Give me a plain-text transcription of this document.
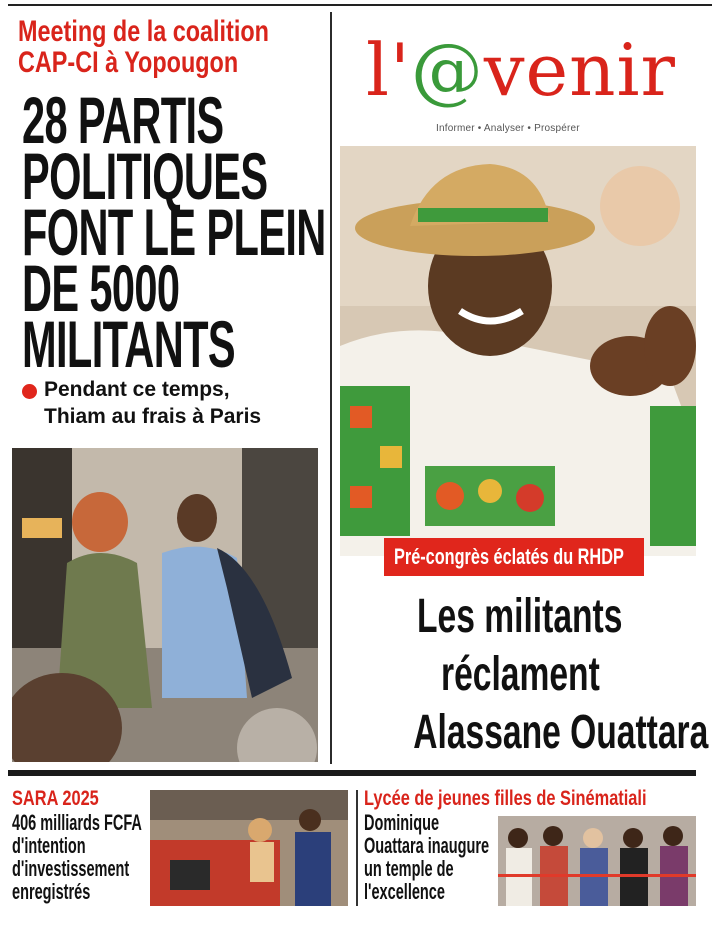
Meeting de la coalition
CAP-CI à Yopougon
28 PARTIS
POLITIQUES
FONT LE PLEIN
DE 5000
MILITANTS
Pendant ce temps,
Thiam au frais à Paris
l'@venir
Informer • Analyser • Prospérer
Pré-congrès éclatés du RHDP
Les militants
réclament
Alassane Ouattara
SARA 2025
406 milliards FCFA
d'intention
d'investissement
enregistrés
Lycée de jeunes filles de Sinématiali
Dominique
Ouattara inaugure
un temple de
l'excellence
